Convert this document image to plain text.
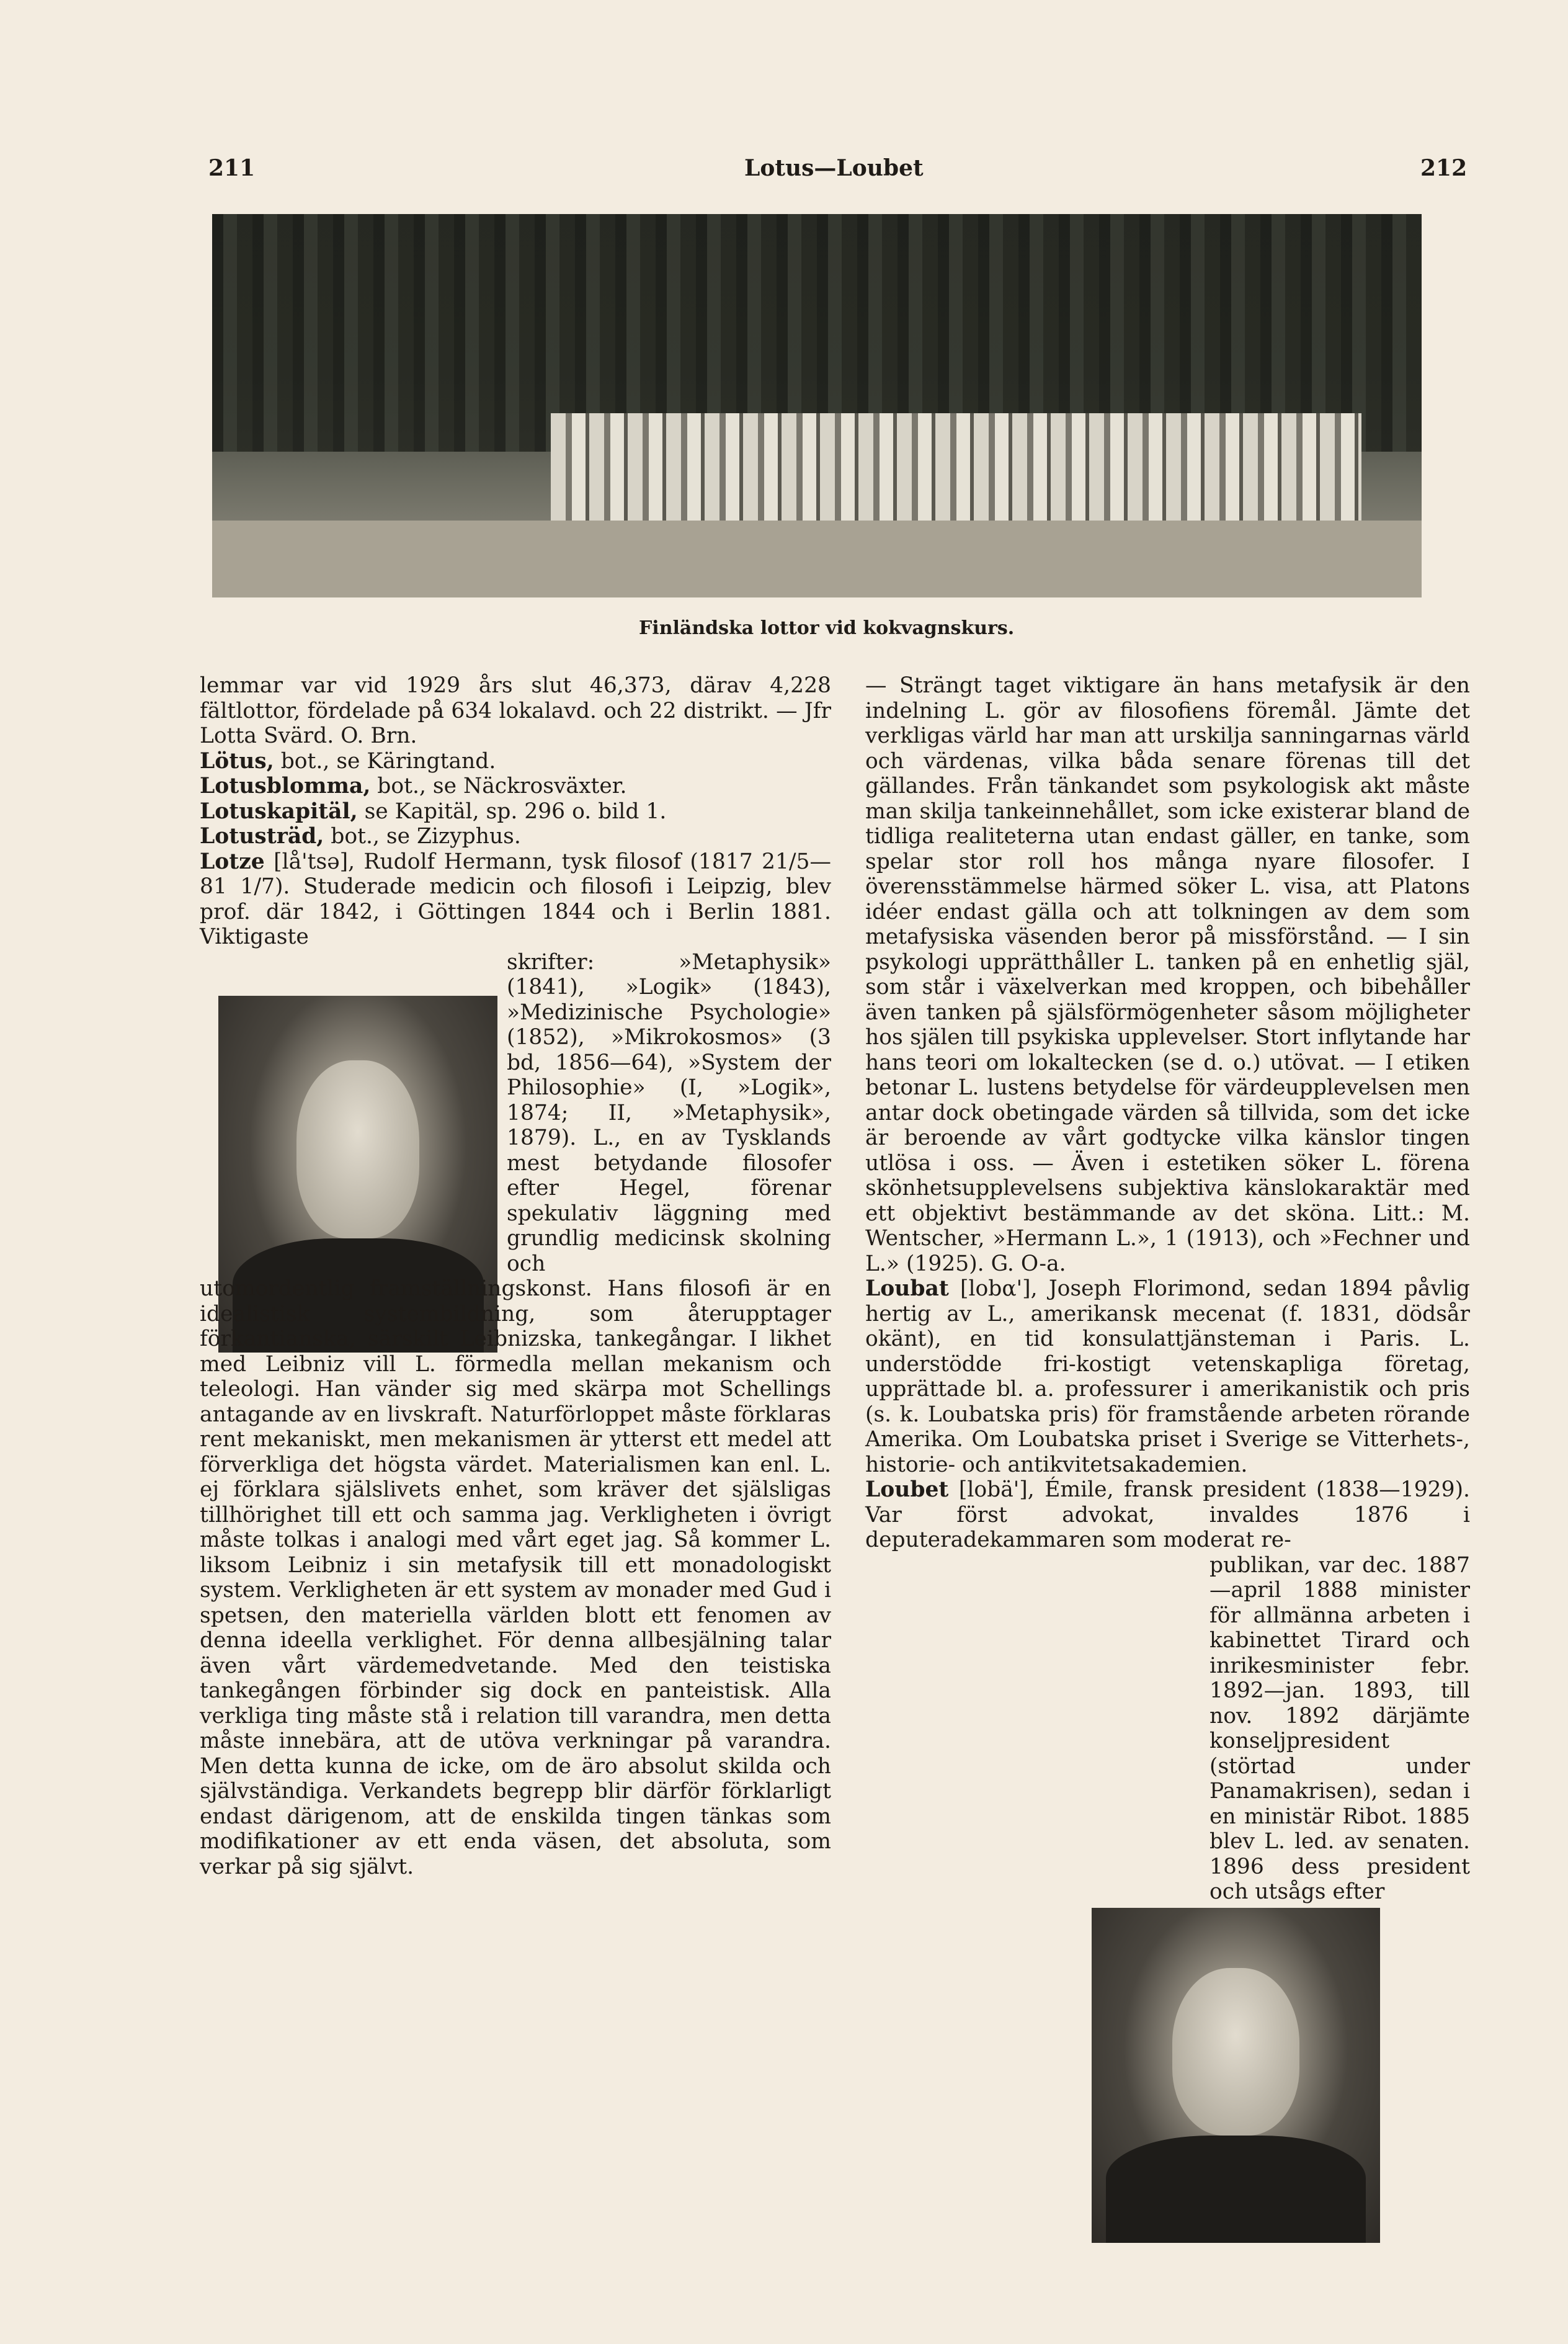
211	Lotus—Loubet	212
Finländska lottor vid kokvagnskurs.

lemmar var vid 1929 års slut 46,373, därav 4,228 fältlottor, fördelade på 634 lokalavd. och 22 distrikt. — Jfr Lotta Svärd. O. Brn.

Lötus, bot., se Käringtand.

Lotusblomma, bot., se Näckrosväxter.

Lotuskapitäl, se Kapitäl, sp. 296 o. bild 1.

Lotusträd, bot., se Zizyphus.

Lotze [lå'tsə], Rudolf Hermann, tysk filosof (1817 21/5—81 1/7). Studerade medicin och filosofi i Leipzig, blev prof. där 1842, i Göttingen 1844 och i Berlin 1881. Viktigaste

skrifter: »Metaphysik» (1841), »Logik» (1843), »Medizinische Psychologie» (1852), »Mikrokosmos» (3 bd, 1856—64), »System der Philosophie» (I, »Logik», 1874; II, »Metaphysik», 1879). L., en av Tysklands mest betydande filosofer efter Hegel, förenar spekulativ läggning med grundlig medicinsk skolning och

utomordentlig framställningskonst. Hans filosofi är en idealistisk systembildning, som återupptager förkantianska, särskilt Leibnizska, tankegångar. I likhet med Leibniz vill L. förmedla mellan mekanism och teleologi. Han vänder sig med skärpa mot Schellings antagande av en livskraft. Naturförloppet måste förklaras rent mekaniskt, men mekanismen är ytterst ett medel att förverkliga det högsta värdet. Materialismen kan enl. L. ej förklara själslivets enhet, som kräver det själsligas tillhörighet till ett och samma jag. Verkligheten i övrigt måste tolkas i analogi med vårt eget jag. Så kommer L. liksom Leibniz i sin metafysik till ett monadologiskt system. Verkligheten är ett system av monader med Gud i spetsen, den materiella världen blott ett fenomen av denna ideella verklighet. För denna allbesjälning talar även vårt värdemedvetande. Med den teistiska tankegången förbinder sig dock en panteistisk. Alla verkliga ting måste stå i relation till varandra, men detta måste innebära, att de utöva verkningar på varandra. Men detta kunna de icke, om de äro absolut skilda och självständiga. Verkandets begrepp blir därför förklarligt endast därigenom, att de enskilda tingen tänkas som modifikationer av ett enda väsen, det absoluta, som verkar på sig självt.

— Strängt taget viktigare än hans metafysik är den indelning L. gör av filosofiens föremål. Jämte det verkligas värld har man att urskilja sanningarnas värld och värdenas, vilka båda senare förenas till det gällandes. Från tänkandet som psykologisk akt måste man skilja tankeinnehållet, som icke existerar bland de tidliga realiteterna utan endast gäller, en tanke, som spelar stor roll hos många nyare filosofer. I överensstämmelse härmed söker L. visa, att Platons idéer endast gälla och att tolkningen av dem som metafysiska väsenden beror på missförstånd. — I sin psykologi upprätthåller L. tanken på en enhetlig själ, som står i växelverkan med kroppen, och bibehåller även tanken på själsförmögenheter såsom möjligheter hos själen till psykiska upplevelser. Stort inflytande har hans teori om lokaltecken (se d. o.) utövat. — I etiken betonar L. lustens betydelse för värdeupplevelsen men antar dock obetingade värden så tillvida, som det icke är beroende av vårt godtycke vilka känslor tingen utlösa i oss. — Även i estetiken söker L. förena skönhetsupplevelsens subjektiva känslokaraktär med ett objektivt bestämmande av det sköna. Litt.: M. Wentscher, »Hermann L.», 1 (1913), och »Fechner und L.» (1925). G. O-a.

Loubat [lobα'], Joseph Florimond, sedan 1894 påvlig hertig av L., amerikansk mecenat (f. 1831, dödsår okänt), en tid konsulattjänsteman i Paris. L. understödde fri-kostigt vetenskapliga företag, upprättade bl. a. professurer i amerikanistik och pris (s. k. Loubatska pris) för framstående arbeten rörande Amerika. Om Loubatska priset i Sverige se Vitterhets-, historie- och antikvitetsakademien.

Loubet [lobä'], Émile, fransk president (1838—1929). Var först advokat, invaldes 1876 i deputeradekammaren som moderat re-

publikan, var dec. 1887 —april 1888 minister för allmänna arbeten i kabinettet Tirard och inrikesminister febr. 1892—jan. 1893, till nov. 1892 därjämte konseljpresident (störtad under Panamakrisen), sedan i en ministär Ribot. 1885 blev L. led. av senaten. 1896 dess president och utsågs efter
